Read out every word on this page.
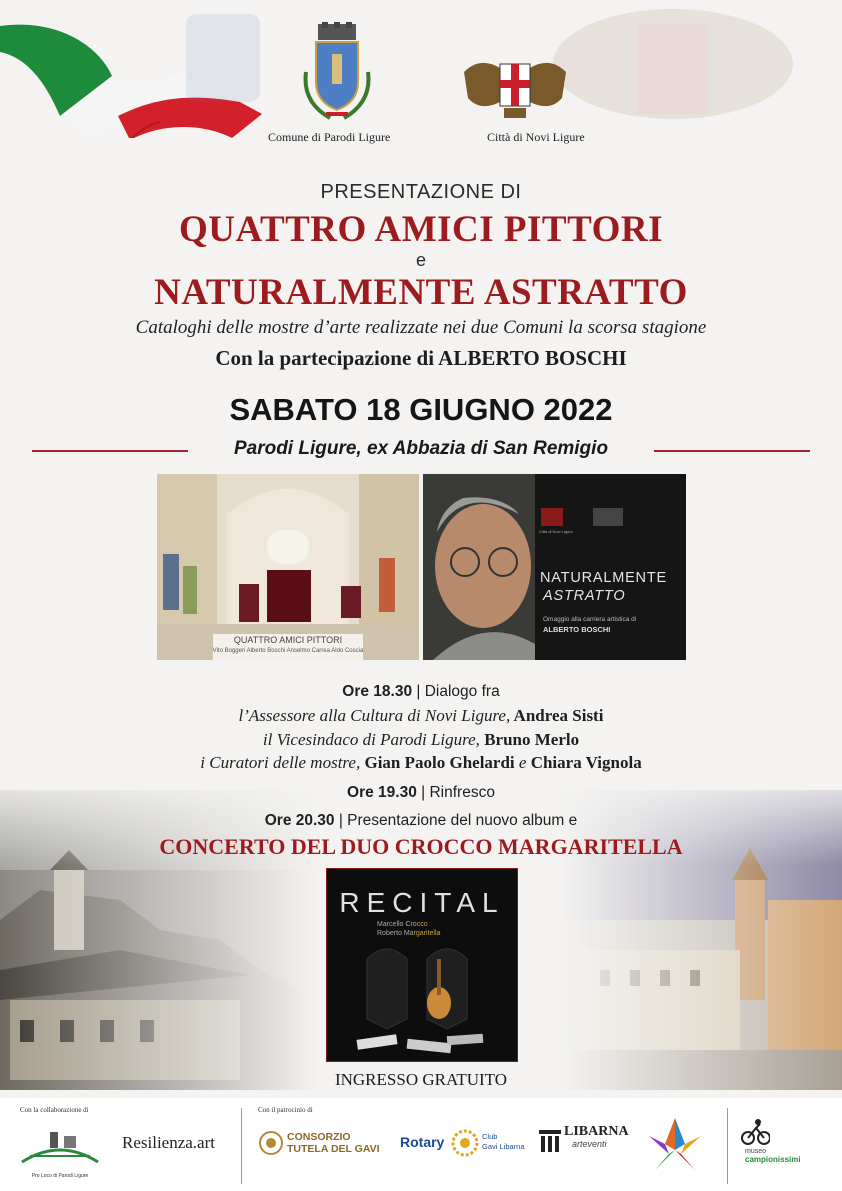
Comune di Parodi Ligure	Città di Novi Ligure
PRESENTAZIONE DI
QUATTRO AMICI PITTORI
e
NATURALMENTE ASTRATTO
Cataloghi delle mostre d’arte realizzate nei due Comuni la scorsa stagione
Con la partecipazione di ALBERTO BOSCHI
SABATO 18 GIUGNO 2022
Parodi Ligure, ex Abbazia di San Remigio
QUATTRO AMICI PITTORI
Vito Boggeri Alberto Boschi Anselmo Carrea Aldo Coscia
Città di Novi Ligure
NATURALMENTE
ASTRATTO
Omaggio alla carriera artistica di
ALBERTO BOSCHI
Ore 18.30 | Dialogo fra
l’Assessore alla Cultura di Novi Ligure, Andrea Sisti
il Vicesindaco di Parodi Ligure, Bruno Merlo
i Curatori delle mostre, Gian Paolo Ghelardi e Chiara Vignola
Ore 19.30 | Rinfresco
Ore 20.30 | Presentazione del nuovo album e
CONCERTO DEL DUO CROCCO MARGARITELLA
RECITAL
Marcello Crocco
Roberto Margaritella
INGRESSO GRATUITO
Con la collaborazione di
Pro Loco di Parodi Ligure
Resilienza.art
Con il patrocinio di
CONSORZIO
TUTELA DEL GAVI Rotary	Club
Gavi Libarna
LIBARNA
arteventi
museo
campionissimi
